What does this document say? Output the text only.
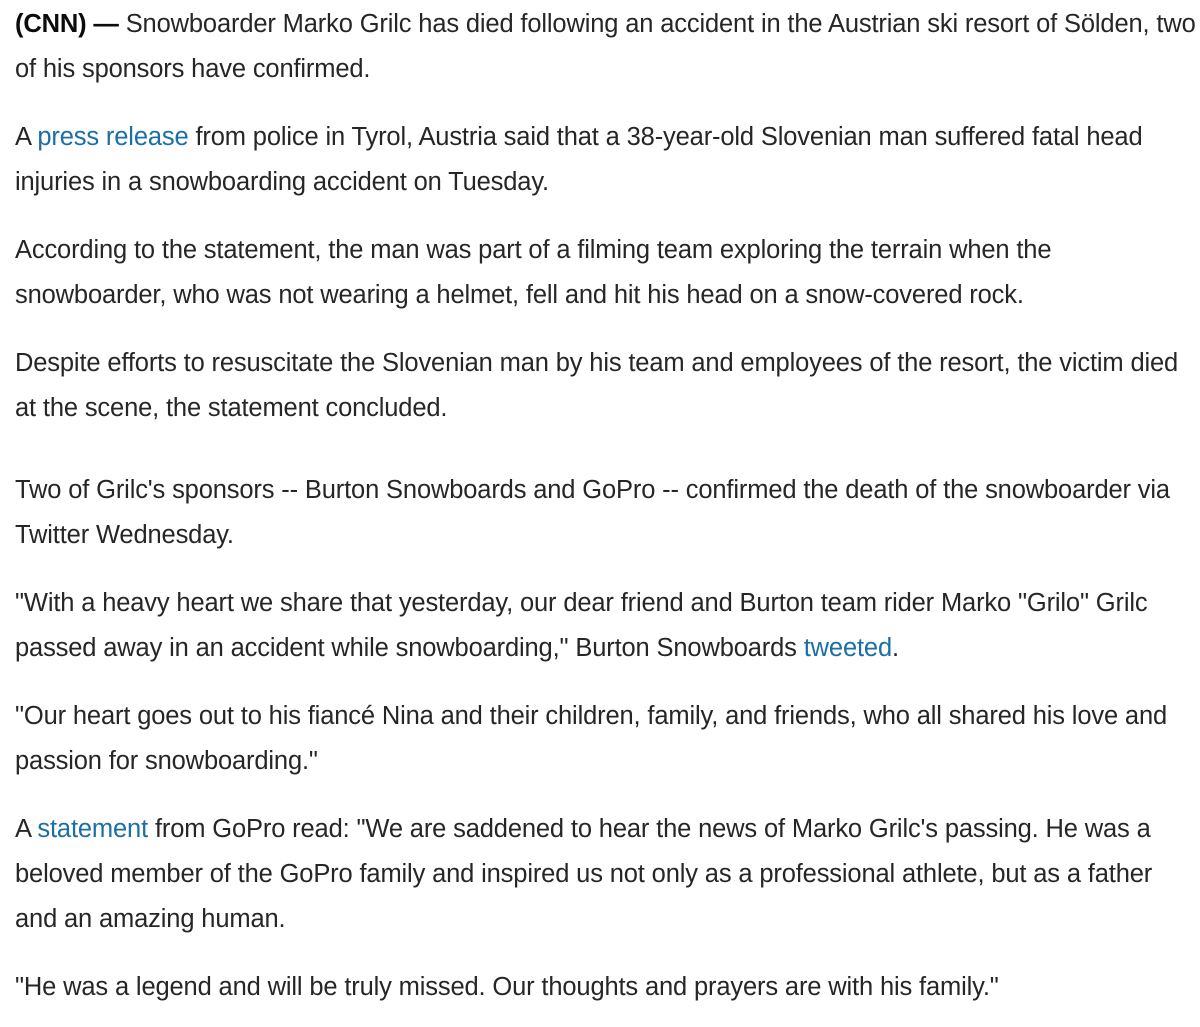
(CNN) — Snowboarder Marko Grilc has died following an accident in the Austrian ski resort of Sölden, two of his sponsors have confirmed.

A press release from police in Tyrol, Austria said that a 38-year-old Slovenian man suffered fatal head injuries in a snowboarding accident on Tuesday.

According to the statement, the man was part of a filming team exploring the terrain when the snowboarder, who was not wearing a helmet, fell and hit his head on a snow-covered rock.

Despite efforts to resuscitate the Slovenian man by his team and employees of the resort, the victim died at the scene, the statement concluded.

Two of Grilc's sponsors -- Burton Snowboards and GoPro -- confirmed the death of the snowboarder via Twitter Wednesday.

"With a heavy heart we share that yesterday, our dear friend and Burton team rider Marko "Grilo" Grilc passed away in an accident while snowboarding," Burton Snowboards tweeted.

"Our heart goes out to his fiancé Nina and their children, family, and friends, who all shared his love and passion for snowboarding."

A statement from GoPro read: "We are saddened to hear the news of Marko Grilc's passing. He was a beloved member of the GoPro family and inspired us not only as a professional athlete, but as a father and an amazing human.

"He was a legend and will be truly missed. Our thoughts and prayers are with his family."
